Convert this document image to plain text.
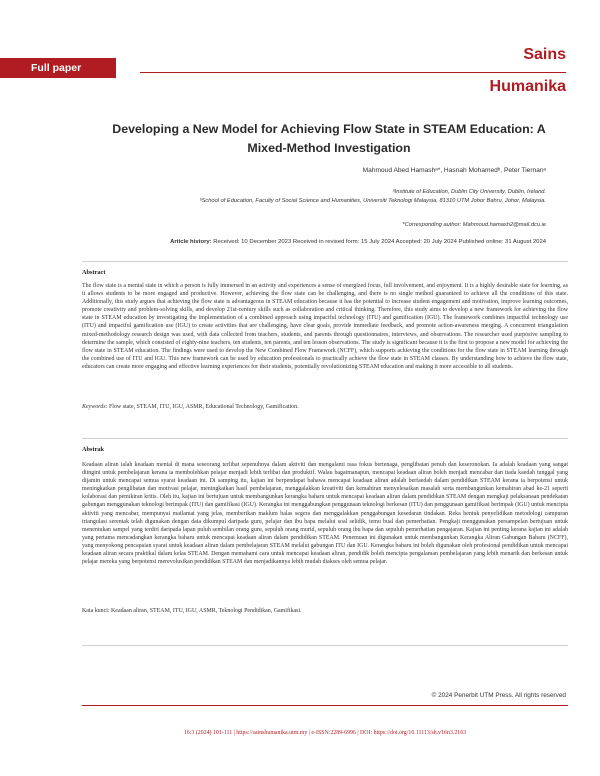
Full paper
Sains
Humanika
Developing a New Model for Achieving Flow State in STEAM Education: A Mixed-Method Investigation
Mahmoud Abed Hamashᵃ*, Hasnah Mohamedᵇ, Peter Tiernanᵃ
ᵃInstitute of Education, Dublin City University, Dublin, Ireland.
ᵇSchool of Education, Faculty of Social Science and Humanities, Universiti Teknologi Malaysia, 81310 UTM Johor Bahru, Johor, Malaysia.
*Corresponding author: Mahmoud.hamash2@mail.dcu.ie
Article history: Received: 10 December 2023 Received in revised form: 15 July 2024 Accepted: 20 July 2024 Published online: 31 August 2024
Abstract

The flow state is a mental state in which a person is fully immersed in an activity and experiences a sense of energized focus, full involvement, and enjoyment. It is a highly desirable state for learning, as it allows students to be more engaged and productive. However, achieving the flow state can be challenging, and there is no single method guaranteed to achieve all the conditions of this state. Additionally, this study argues that achieving the flow state is advantageous in STEAM education because it has the potential to increase student engagement and motivation, improve learning outcomes, promote creativity and problem-solving skills, and develop 21st-century skills such as collaboration and critical thinking. Therefore, this study aims to develop a new framework for achieving the flow state in STEAM education by investigating the implementation of a combined approach using impactful technology (ITU) and gamification (IGU). The framework combines impactful technology use (ITU) and impactful gamification use (IGU) to create activities that are challenging, have clear goals, provide immediate feedback, and promote action-awareness merging. A concurrent triangulation mixed-methodology research design was used, with data collected from teachers, students, and parents through questionnaires, interviews, and observations. The researcher used purposive sampling to determine the sample, which consisted of eighty-nine teachers, ten students, ten parents, and ten lesson observations. The study is significant because it is the first to propose a new model for achieving the flow state in STEAM education. The findings were used to develop the New Combined Flow Framework (NCFF), which supports achieving the conditions for the flow state in STEAM learning through the combined use of ITU and IGU. This new framework can be used by education professionals to practically achieve the flow state in STEAM classes. By understanding how to achieve the flow state, educators can create more engaging and effective learning experiences for their students, potentially revolutionizing STEAM education and making it more accessible to all students.

Keywords: Flow state, STEAM, ITU, IGU, ASMR, Educational Technology, Gamification.
Abstrak

Keadaan aliran ialah keadaan mental di mana seseorang terlibat sepenuhnya dalam aktiviti dan mengalami rasa fokus bertenaga, penglibatan penuh dan keseronokan. Ia adalah keadaan yang sangat diingini untuk pembelajaran kerana ia membolehkan pelajar menjadi lebih terlibat dan produktif. Walau bagaimanapun, mencapai keadaan aliran boleh menjadi mencabar dan tiada kaedah tunggal yang dijamin untuk mencapai semua syarat keadaan ini. Di samping itu, kajian ini berpendapat bahawa mencapai keadaan aliran adalah berfaedah dalam pendidikan STEAM kerana ia berpotensi untuk meningkatkan penglibatan dan motivasi pelajar, meningkatkan hasil pembelajaran, menggalakkan kreativiti dan kemahiran menyelesaikan masalah serta membangunkan kemahiran abad ke-21 seperti kolaborasi dan pemikiran kritis. Oleh itu, kajian ini bertujuan untuk membangunkan kerangka baharu untuk mencapai keadaan aliran dalam pendidikan STEAM dengan mengkaji pelaksanaan pendekatan gabungan menggunakan teknologi berimpak (ITU) dan gamifikasi (IGU). Kerangka ini menggabungkan penggunaan teknologi berkesan (ITU) dan penggunaan gamifikasi berimpak (IGU) untuk mencipta aktiviti yang mencabar, mempunyai matlamat yang jelas, memberikan maklum balas segera dan menggalakkan penggabungan kesedaran tindakan. Reka bentuk penyelidikan metodologi campuran triangulasi serentak telah digunakan dengan data dikumpul daripada guru, pelajar dan ibu bapa melalui soal selidik, temu bual dan pemerhatian. Pengkaji menggunakan persampelan bertujuan untuk menentukan sampel yang terdiri daripada lapan puluh sembilan orang guru, sepuluh orang murid, sepuluh orang ibu bapa dan sepuluh pemerhatian pengajaran. Kajian ini penting kerana kajian ini adalah yang pertama mencadangkan kerangka baharu untuk mencapai keadaan aliran dalam pendidikan STEAM. Penemuan ini digunakan untuk membangunkan Kerangka Aliran Gabungan Baharu (NCFF), yang menyokong pencapaian syarat untuk keadaan aliran dalam pembelajaran STEAM melalui gabungan ITU dan IGU. Kerangka baharu ini boleh digunakan oleh profesional pendidikan untuk mencapai keadaan aliran secara praktikal dalam kelas STEAM. Dengan memahami cara untuk mencapai keadaan aliran, pendidik boleh mencipta pengalaman pembelajaran yang lebih menarik dan berkesan untuk pelajar mereka yang berpotensi merevolusikan pendidikan STEAM dan menjadikannya lebih mudah diakses oleh semua pelajar.

Kata kunci: Keadaan aliran, STEAM, ITU, IGU, ASMR, Teknologi Pendidikan, Gamifikasi.
© 2024 Penerbit UTM Press. All rights reserved
16:3 (2024) 101-111 | https://sainshumanika.utm.my | e-ISSN:2289-6996 | DOI: https://doi.org/10.11113/sh.v16n3.2163
